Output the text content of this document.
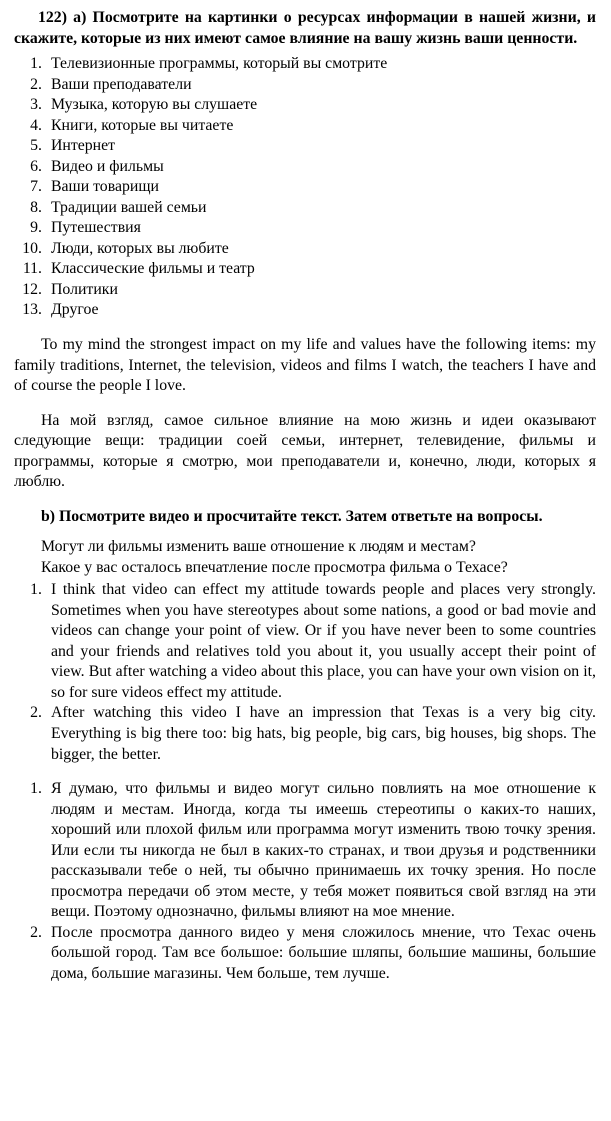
122) а) Посмотрите на картинки о ресурсах информации в нашей жизни, и скажите, которые из них имеют самое влияние на вашу жизнь ваши ценности.

1. Телевизионные программы, который вы смотрите
2. Ваши преподаватели
3. Музыка, которую вы слушаете
4. Книги, которые вы читаете
5. Интернет
6. Видео и фильмы
7. Ваши товарищи
8. Традиции вашей семьи
9. Путешествия
10. Люди, которых вы любите
11. Классические фильмы и театр
12. Политики
13. Другое

To my mind the strongest impact on my life and values have the following items: my family traditions, Internet, the television, videos and films I watch, the teachers I have and of course the people I love.

На мой взгляд, самое сильное влияние на мою жизнь и идеи оказывают следующие вещи: традиции соей семьи, интернет, телевидение, фильмы и программы, которые я смотрю, мои преподаватели и, конечно, люди, которых я люблю.

b) Посмотрите видео и просчитайте текст. Затем ответьте на вопросы.

Могут ли фильмы изменить ваше отношение к людям и местам?

Какое у вас осталось впечатление после просмотра фильма о Техасе?

1. I think that video can effect my attitude towards people and places very strongly. Sometimes when you have stereotypes about some nations, a good or bad movie and videos can change your point of view. Or if you have never been to some countries and your friends and relatives told you about it, you usually accept their point of view. But after watching a video about this place, you can have your own vision on it, so for sure videos effect my attitude.
2. After watching this video I have an impression that Texas is a very big city. Everything is big there too: big hats, big people, big cars, big houses, big shops. The bigger, the better.
1. Я думаю, что фильмы и видео могут сильно повлиять на мое отношение к людям и местам. Иногда, когда ты имеешь стереотипы о каких-то наших, хороший или плохой фильм или программа могут изменить твою точку зрения. Или если ты никогда не был в каких-то странах, и твои друзья и родственники рассказывали тебе о ней, ты обычно принимаешь их точку зрения. Но после просмотра передачи об этом месте, у тебя может появиться свой взгляд на эти вещи. Поэтому однозначно, фильмы влияют на мое мнение.
2. После просмотра данного видео у меня сложилось мнение, что Техас очень большой город. Там все большое: большие шляпы, большие машины, большие дома, большие магазины. Чем больше, тем лучше.
